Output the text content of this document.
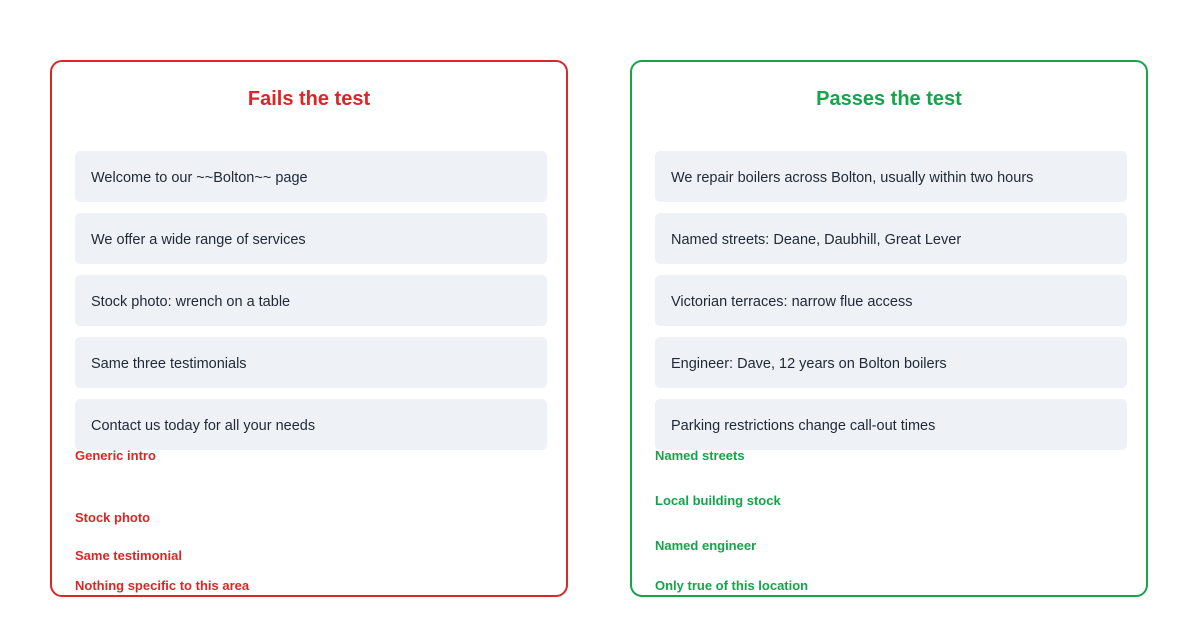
Fails the test
Welcome to our ~~Bolton~~ page
We offer a wide range of services
Stock photo: wrench on a table
Same three testimonials
Contact us today for all your needs
Generic intro
Stock photo
Same testimonial
Nothing specific to this area
Passes the test
We repair boilers across Bolton, usually within two hours
Named streets: Deane, Daubhill, Great Lever
Victorian terraces: narrow flue access
Engineer: Dave, 12 years on Bolton boilers
Parking restrictions change call-out times
Named streets
Local building stock
Named engineer
Only true of this location
